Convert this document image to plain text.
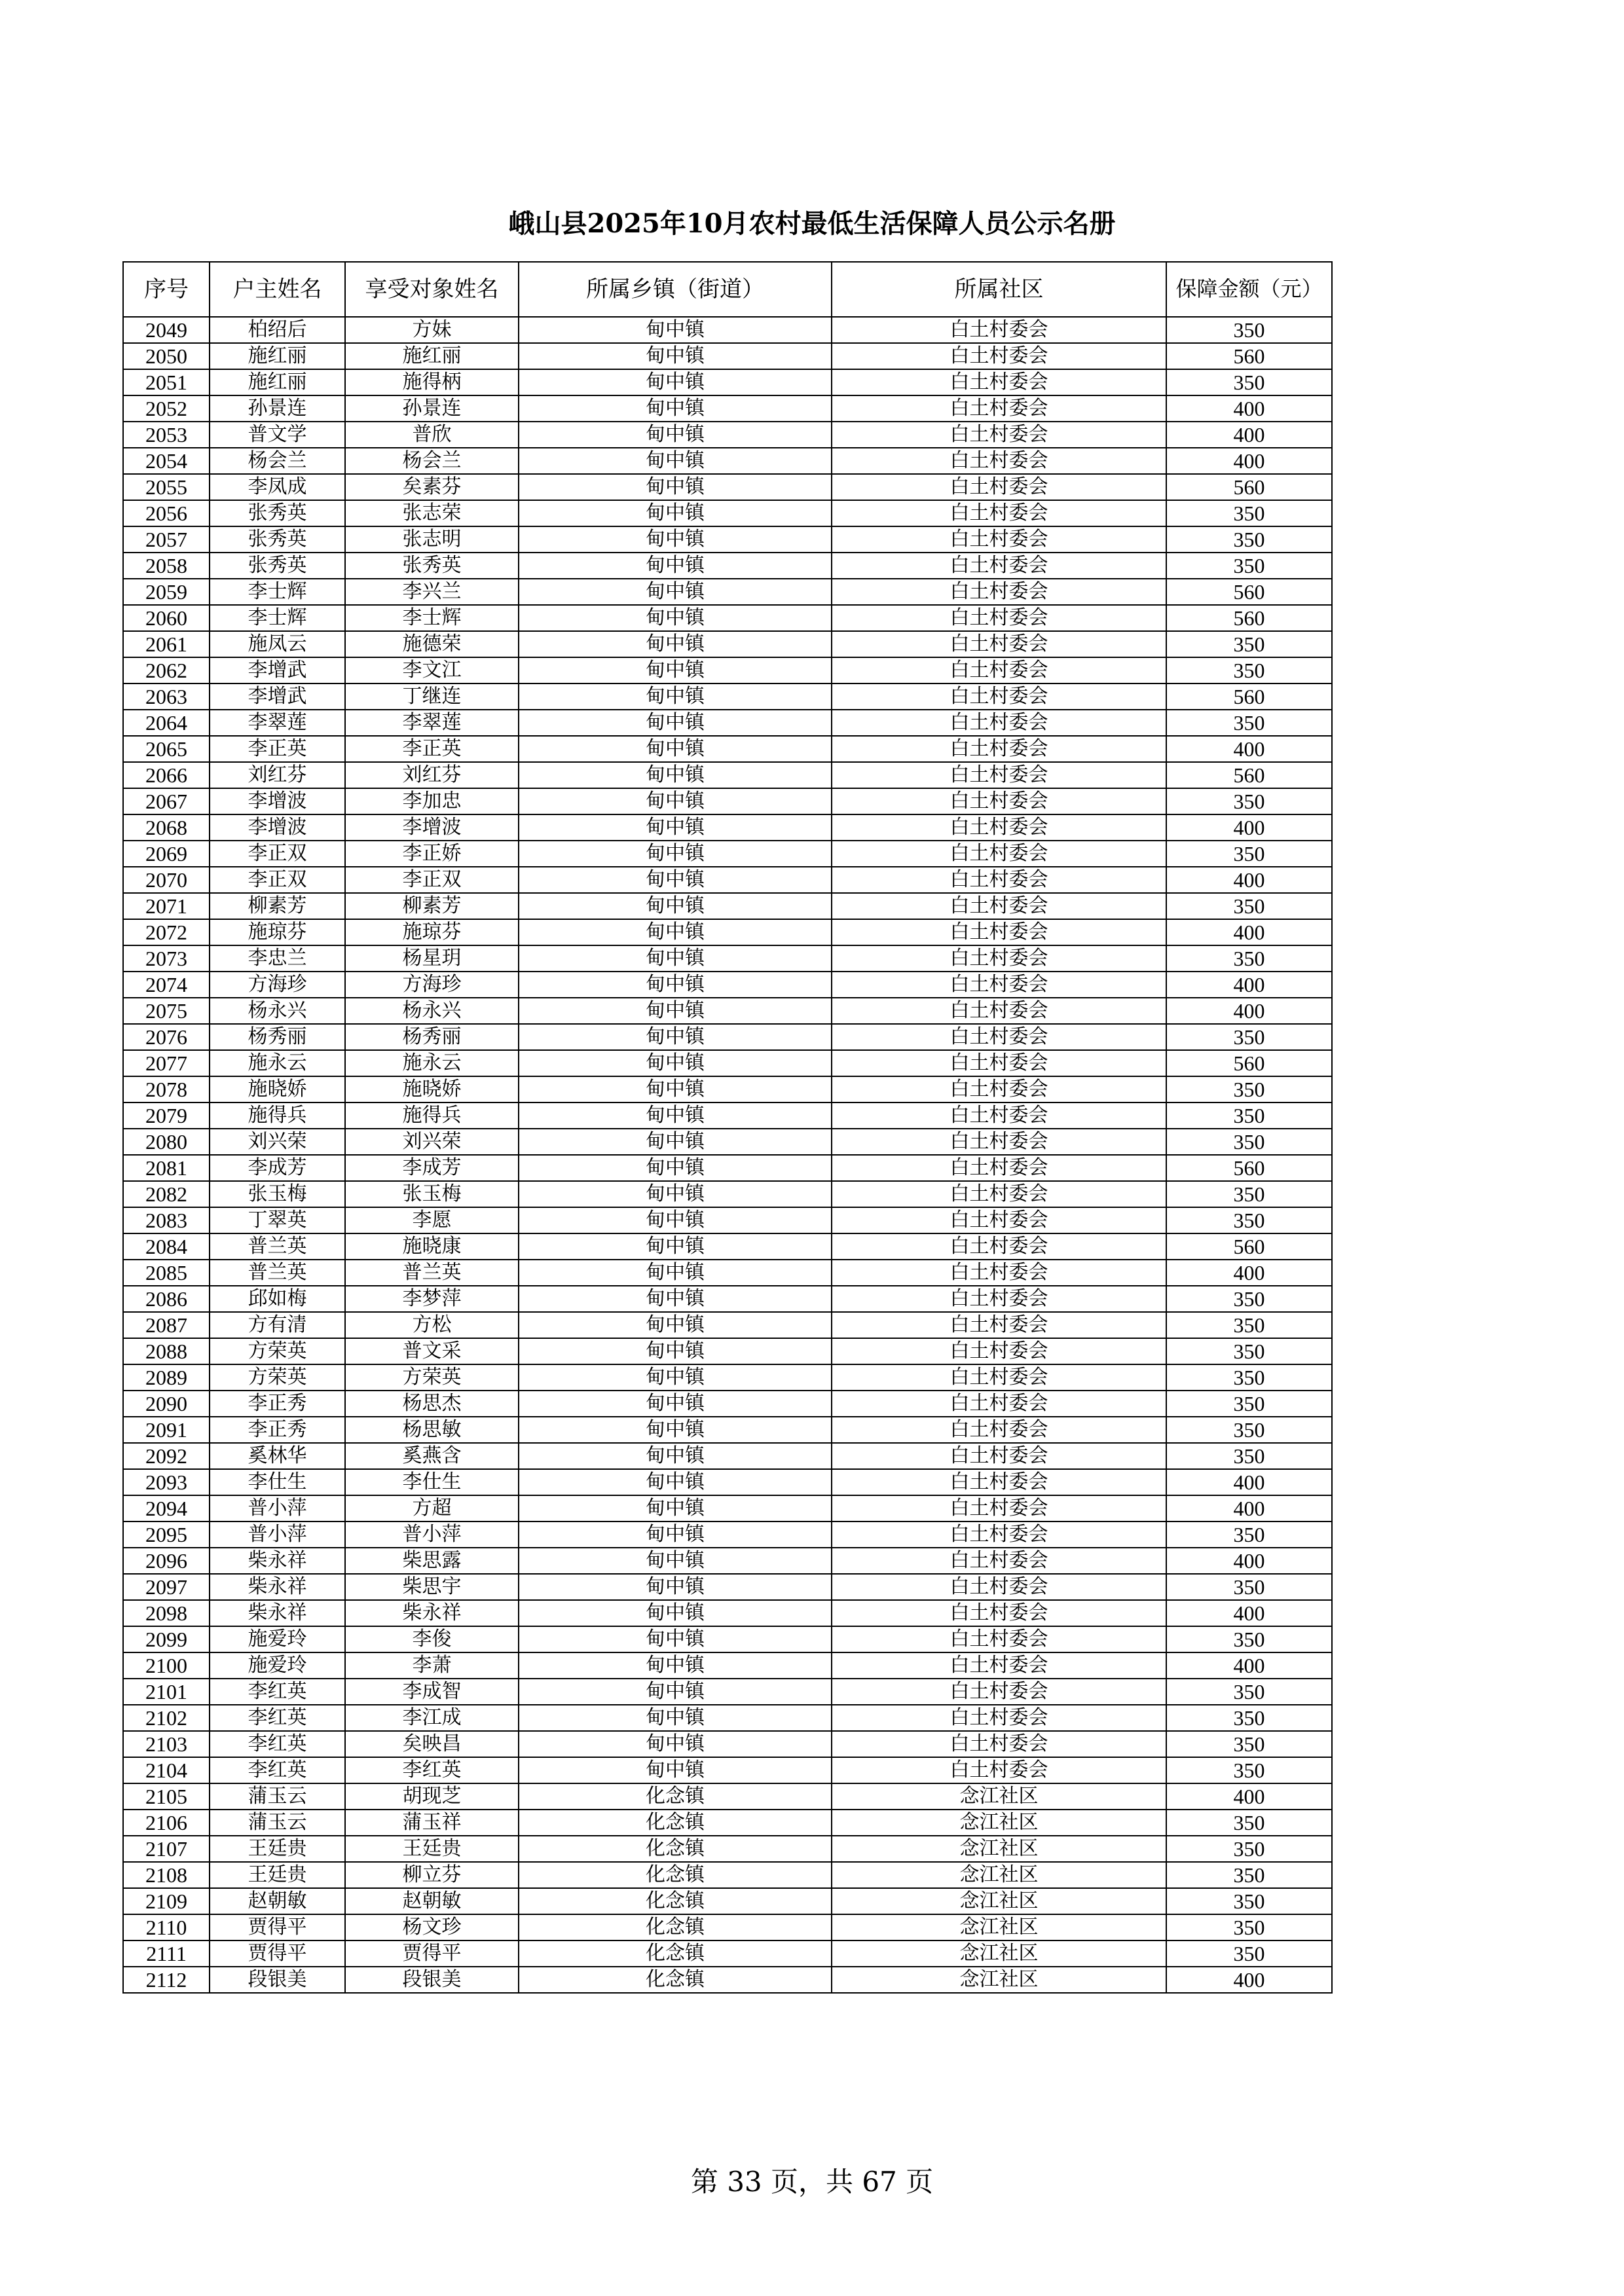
峨山县2025年10月农村最低生活保障人员公示名册
序号	户主姓名	享受对象姓名	所属乡镇（街道）	所属社区	保障金额（元）
2049	柏绍后	方妹	甸中镇	白土村委会	350
2050	施红丽	施红丽	甸中镇	白土村委会	560
2051	施红丽	施得柄	甸中镇	白土村委会	350
2052	孙景连	孙景连	甸中镇	白土村委会	400
2053	普文学	普欣	甸中镇	白土村委会	400
2054	杨会兰	杨会兰	甸中镇	白土村委会	400
2055	李凤成	矣素芬	甸中镇	白土村委会	560
2056	张秀英	张志荣	甸中镇	白土村委会	350
2057	张秀英	张志明	甸中镇	白土村委会	350
2058	张秀英	张秀英	甸中镇	白土村委会	350
2059	李士辉	李兴兰	甸中镇	白土村委会	560
2060	李士辉	李士辉	甸中镇	白土村委会	560
2061	施凤云	施德荣	甸中镇	白土村委会	350
2062	李增武	李文江	甸中镇	白土村委会	350
2063	李增武	丁继连	甸中镇	白土村委会	560
2064	李翠莲	李翠莲	甸中镇	白土村委会	350
2065	李正英	李正英	甸中镇	白土村委会	400
2066	刘红芬	刘红芬	甸中镇	白土村委会	560
2067	李增波	李加忠	甸中镇	白土村委会	350
2068	李增波	李增波	甸中镇	白土村委会	400
2069	李正双	李正娇	甸中镇	白土村委会	350
2070	李正双	李正双	甸中镇	白土村委会	400
2071	柳素芳	柳素芳	甸中镇	白土村委会	350
2072	施琼芬	施琼芬	甸中镇	白土村委会	400
2073	李忠兰	杨星玥	甸中镇	白土村委会	350
2074	方海珍	方海珍	甸中镇	白土村委会	400
2075	杨永兴	杨永兴	甸中镇	白土村委会	400
2076	杨秀丽	杨秀丽	甸中镇	白土村委会	350
2077	施永云	施永云	甸中镇	白土村委会	560
2078	施晓娇	施晓娇	甸中镇	白土村委会	350
2079	施得兵	施得兵	甸中镇	白土村委会	350
2080	刘兴荣	刘兴荣	甸中镇	白土村委会	350
2081	李成芳	李成芳	甸中镇	白土村委会	560
2082	张玉梅	张玉梅	甸中镇	白土村委会	350
2083	丁翠英	李愿	甸中镇	白土村委会	350
2084	普兰英	施晓康	甸中镇	白土村委会	560
2085	普兰英	普兰英	甸中镇	白土村委会	400
2086	邱如梅	李梦萍	甸中镇	白土村委会	350
2087	方有清	方松	甸中镇	白土村委会	350
2088	方荣英	普文采	甸中镇	白土村委会	350
2089	方荣英	方荣英	甸中镇	白土村委会	350
2090	李正秀	杨思杰	甸中镇	白土村委会	350
2091	李正秀	杨思敏	甸中镇	白土村委会	350
2092	奚林华	奚燕含	甸中镇	白土村委会	350
2093	李仕生	李仕生	甸中镇	白土村委会	400
2094	普小萍	方超	甸中镇	白土村委会	400
2095	普小萍	普小萍	甸中镇	白土村委会	350
2096	柴永祥	柴思露	甸中镇	白土村委会	400
2097	柴永祥	柴思宇	甸中镇	白土村委会	350
2098	柴永祥	柴永祥	甸中镇	白土村委会	400
2099	施爱玲	李俊	甸中镇	白土村委会	350
2100	施爱玲	李萧	甸中镇	白土村委会	400
2101	李红英	李成智	甸中镇	白土村委会	350
2102	李红英	李江成	甸中镇	白土村委会	350
2103	李红英	矣映昌	甸中镇	白土村委会	350
2104	李红英	李红英	甸中镇	白土村委会	350
2105	蒲玉云	胡现芝	化念镇	念江社区	400
2106	蒲玉云	蒲玉祥	化念镇	念江社区	350
2107	王廷贵	王廷贵	化念镇	念江社区	350
2108	王廷贵	柳立芬	化念镇	念江社区	350
2109	赵朝敏	赵朝敏	化念镇	念江社区	350
2110	贾得平	杨文珍	化念镇	念江社区	350
2111	贾得平	贾得平	化念镇	念江社区	350
2112	段银美	段银美	化念镇	念江社区	400
第 33 页，共 67 页
